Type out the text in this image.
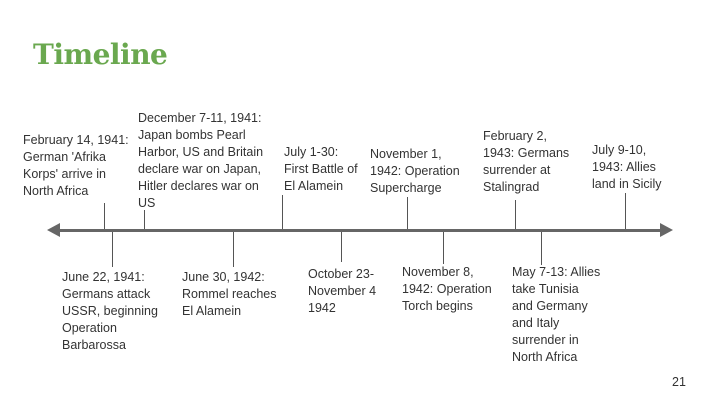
Timeline

February 14, 1941:
German 'Afrika
Korps' arrive in
North Africa

December 7-11, 1941:
Japan bombs Pearl
Harbor, US and Britain
declare war on Japan,
Hitler declares war on
US

July 1-30:
First Battle of
El Alamein

November 1,
1942: Operation
Supercharge

February 2,
1943: Germans
surrender at
Stalingrad

July 9-10,
1943: Allies
land in Sicily

June 22, 1941:
Germans attack
USSR, beginning
Operation
Barbarossa

June 30, 1942:
Rommel reaches
El Alamein

October 23-
November 4
1942

November 8,
1942: Operation
Torch begins

May 7-13: Allies
take Tunisia
and Germany
and Italy
surrender in
North Africa

21
